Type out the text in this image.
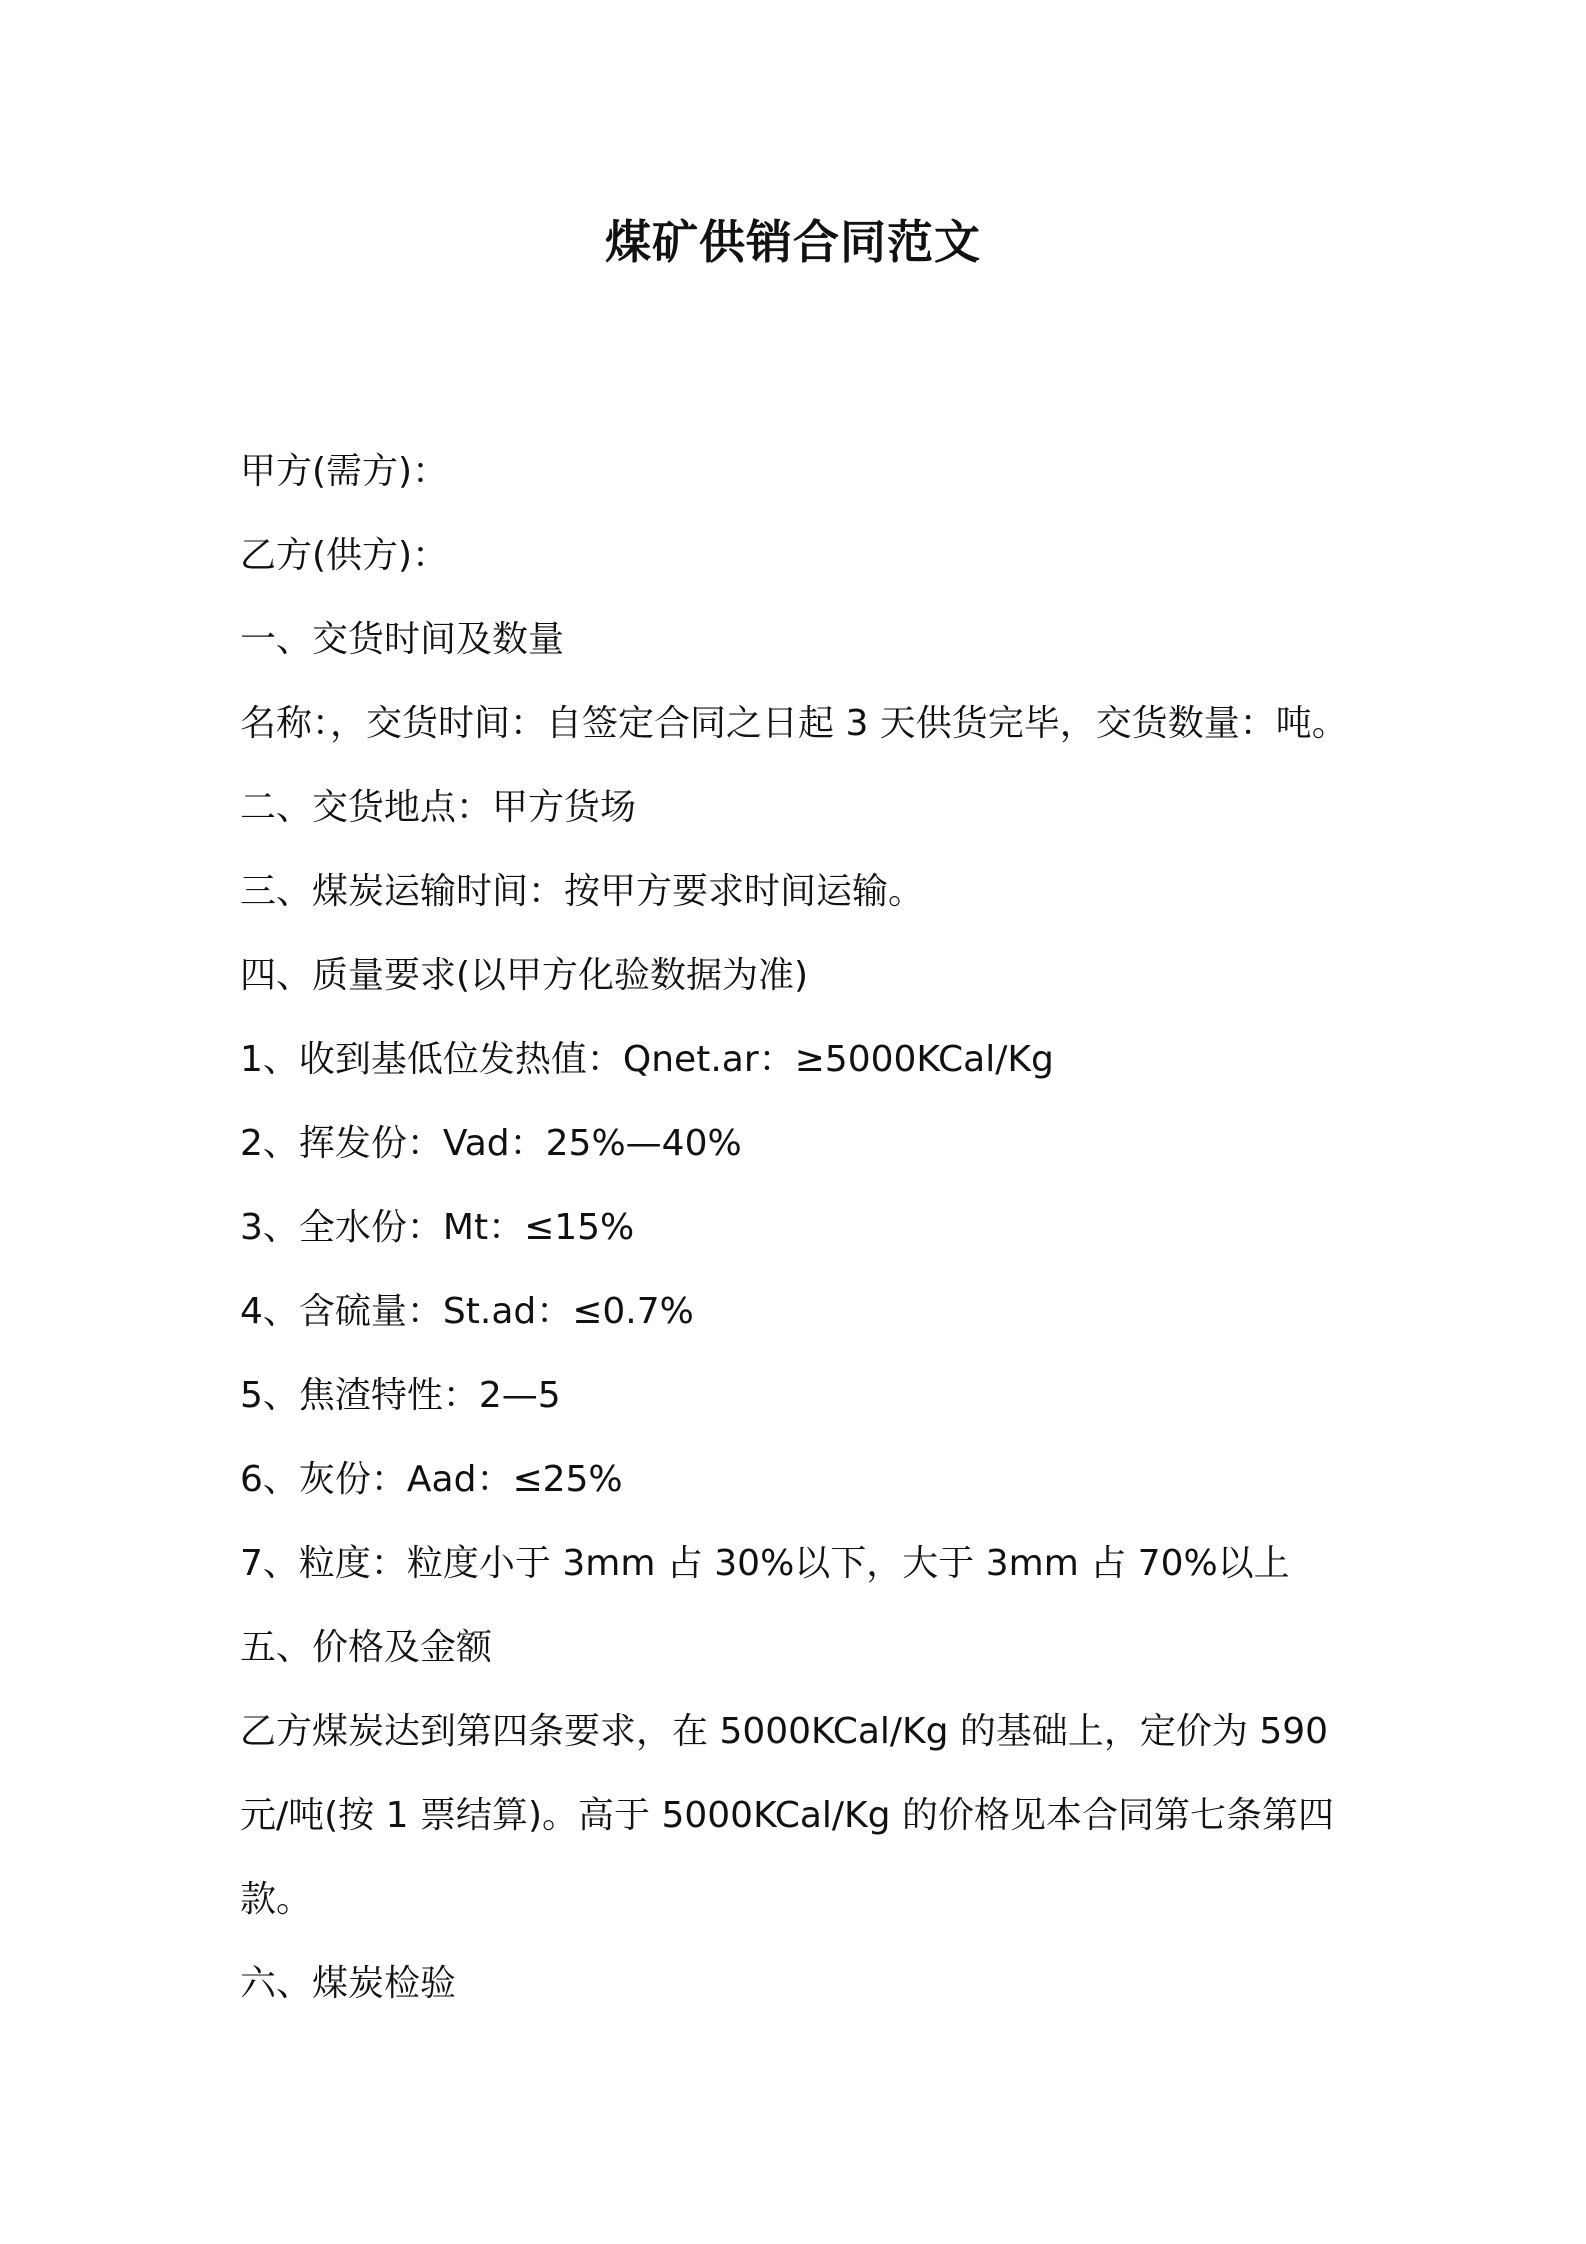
煤矿供销合同范文
甲方(需方)：
乙方(供方)：
一、交货时间及数量
名称：，交货时间：自签定合同之日起 3 天供货完毕，交货数量：吨。
二、交货地点：甲方货场
三、煤炭运输时间：按甲方要求时间运输。
四、质量要求(以甲方化验数据为准)
1、收到基低位发热值：Qnet.ar：≥5000KCal/Kg
2、挥发份：Vad：25%—40%
3、全水份：Mt：≤15%
4、含硫量：St.ad：≤0.7%
5、焦渣特性：2—5
6、灰份：Aad：≤25%
7、粒度：粒度小于 3mm 占 30%以下，大于 3mm 占 70%以上
五、价格及金额
乙方煤炭达到第四条要求，在 5000KCal/Kg 的基础上，定价为 590 元/吨(按 1 票结算)。高于 5000KCal/Kg 的价格见本合同第七条第四款。
六、煤炭检验
